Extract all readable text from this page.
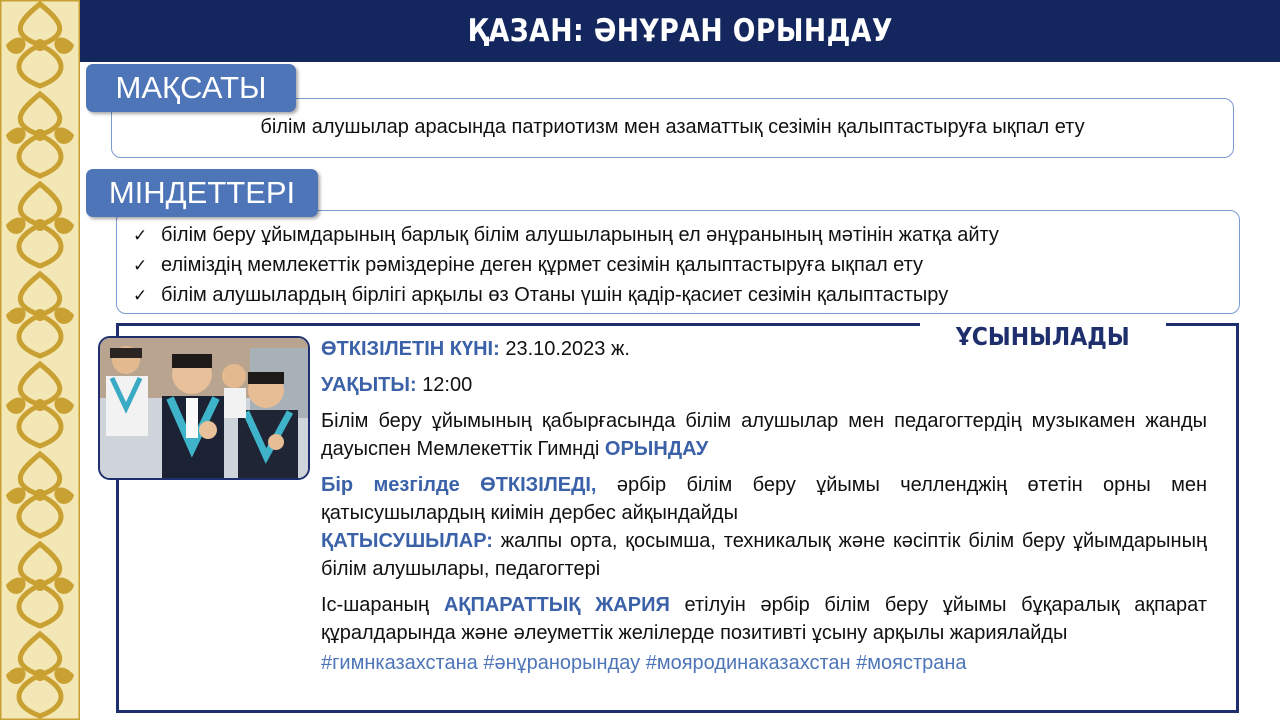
ҚАЗАН: ӘНҰРАН ОРЫНДАУ
білім алушылар арасында патриотизм мен азаматтық сезімін қалыптастыруға ықпал ету
МАҚСАТЫ
✓ білім беру ұйымдарының барлық білім алушыларының ел әнұранының мәтінін жатқа айту
✓ еліміздің мемлекеттік рәміздеріне деген құрмет сезімін қалыптастыруға ықпал ету
✓ білім алушылардың бірлігі арқылы өз Отаны үшін қадір-қасиет сезімін қалыптастыру
МІНДЕТТЕРІ
ҰСЫНЫЛАДЫ

ӨТКІЗІЛЕТІН КҮНІ: 23.10.2023 ж.

УАҚЫТЫ: 12:00

Білім беру ұйымының қабырғасында білім алушылар мен педагогтердің музыкамен жанды дауыспен Мемлекеттік Гимнді ОРЫНДАУ

Бір мезгілде ӨТКІЗІЛЕДІ, әрбір білім беру ұйымы челленджің өтетін орны мен қатысушылардың киімін дербес айқындайды

ҚАТЫСУШЫЛАР: жалпы орта, қосымша, техникалық және кәсіптік білім беру ұйымдарының білім алушылары, педагогтері

Іс-шараның АҚПАРАТТЫҚ ЖАРИЯ етілуін әрбір білім беру ұйымы бұқаралық ақпарат құралдарында және әлеуметтік желілерде позитивті ұсыну арқылы жариялайды

#гимнказахстана #әнұранорындау #мояродинаказахстан #моястрана
